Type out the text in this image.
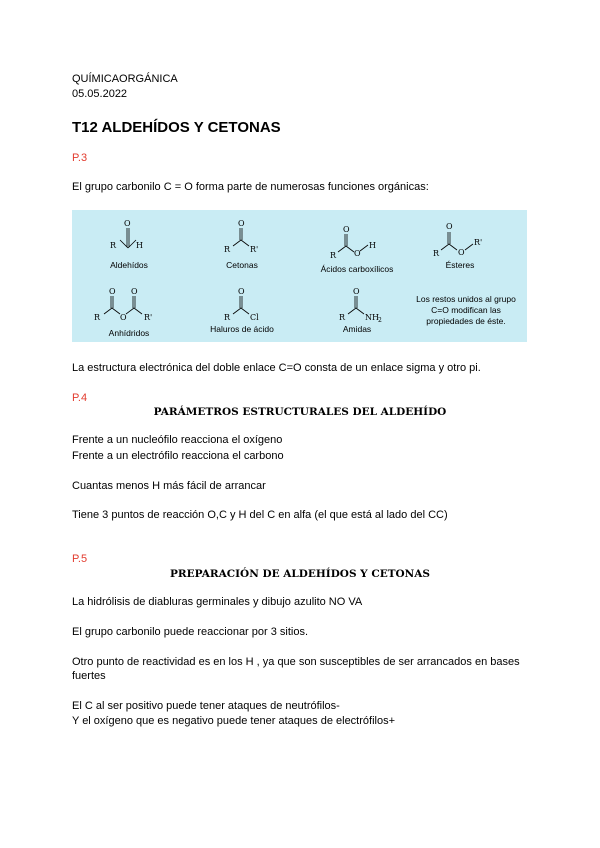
QUÍMICAORGÁNICA
05.05.2022
T12 ALDEHÍDOS Y CETONAS
P.3
El grupo carbonilo C = O forma parte de numerosas funciones orgánicas:
O
R H
Aldehídos
O
R R'
Cetonas
O
R O
H
Ácidos carboxílicos
O
R O
R'
Ésteres
O O
R O R'
Anhídridos
O
R Cl
Haluros de ácido
O
R NH 2
Amidas
Los restos unidos al grupo C=O modifican las propiedades de éste.
La estructura electrónica del doble enlace C=O consta de un enlace sigma y otro pi.
P.4
PARÁMETROS ESTRUCTURALES DEL ALDEHÍDO
Frente a un nucleófilo reacciona el oxígeno
Frente a un electrófilo reacciona el carbono
Cuantas menos H más fácil de arrancar
Tiene 3 puntos de reacción O,C y H del C en alfa (el que está al lado del CC)
P.5
PREPARACIÓN DE ALDEHÍDOS Y CETONAS
La hidrólisis de diabluras germinales y dibujo azulito NO VA
El grupo carbonilo puede reaccionar por 3 sitios.
Otro punto de reactividad es en los H , ya que son susceptibles de ser arrancados en bases
fuertes
El C al ser positivo puede tener ataques de neutrófilos-
Y el oxígeno que es negativo puede tener ataques de electrófilos+
